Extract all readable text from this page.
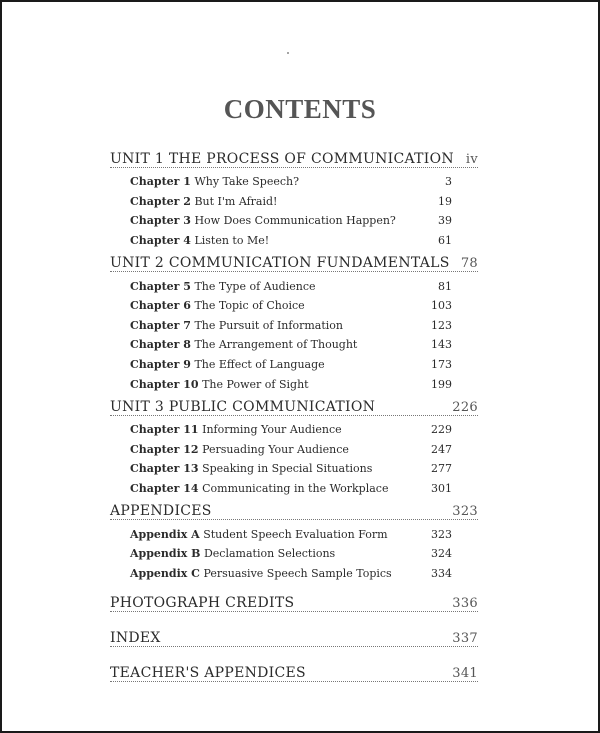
CONTENTS
UNIT 1 THE PROCESS OF COMMUNICATION iv
Chapter 1 Why Take Speech?	3
Chapter 2 But I'm Afraid!	19
Chapter 3 How Does Communication Happen?	39
Chapter 4 Listen to Me!	61
UNIT 2 COMMUNICATION FUNDAMENTALS 78
Chapter 5 The Type of Audience	81
Chapter 6 The Topic of Choice	103
Chapter 7 The Pursuit of Information	123
Chapter 8 The Arrangement of Thought	143
Chapter 9 The Effect of Language	173
Chapter 10 The Power of Sight	199
UNIT 3 PUBLIC COMMUNICATION	226
Chapter 11 Informing Your Audience	229
Chapter 12 Persuading Your Audience	247
Chapter 13 Speaking in Special Situations	277
Chapter 14 Communicating in the Workplace	301
APPENDICES	323
Appendix A Student Speech Evaluation Form	323
Appendix B Declamation Selections	324
Appendix C Persuasive Speech Sample Topics	334
PHOTOGRAPH CREDITS	336
INDEX	337
TEACHER'S APPENDICES	341
